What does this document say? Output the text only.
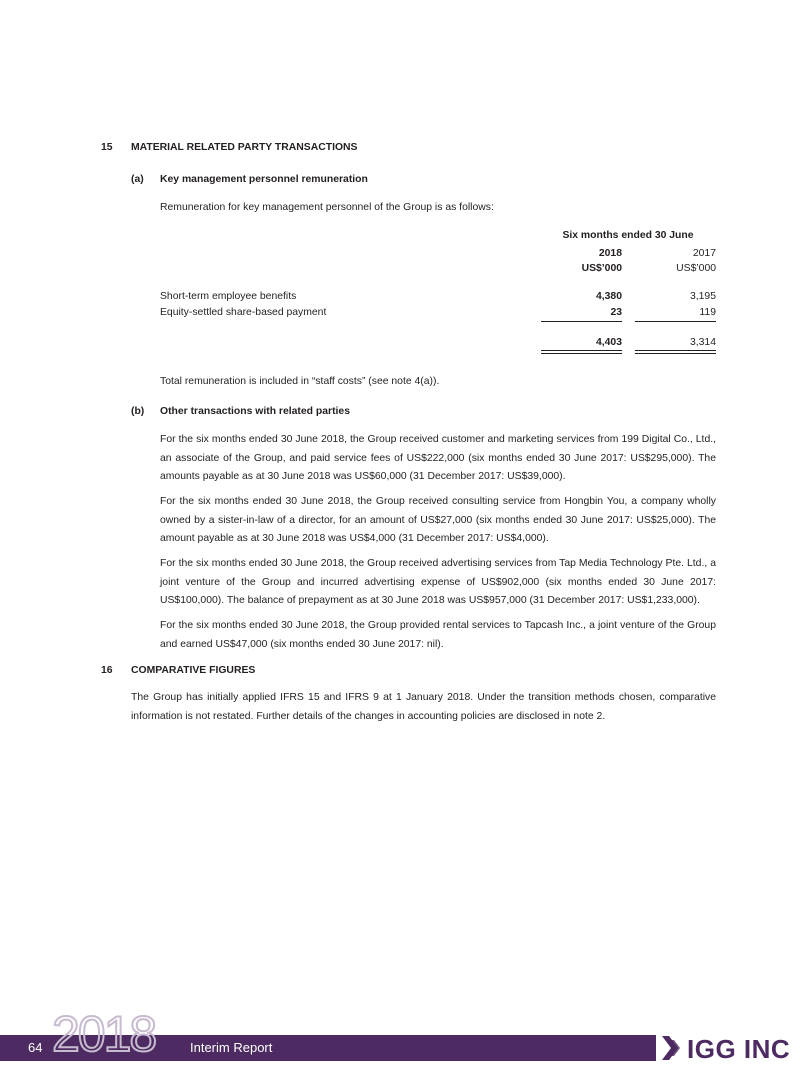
15 MATERIAL RELATED PARTY TRANSACTIONS
(a) Key management personnel remuneration
Remuneration for key management personnel of the Group is as follows:
Six months ended 30 June
2018	2017
US$’000	US$’000
Short-term employee benefits	4,380	3,195
Equity-settled share-based payment	23	119
4,403	3,314
Total remuneration is included in “staff costs” (see note 4(a)).
(b) Other transactions with related parties
For the six months ended 30 June 2018, the Group received customer and marketing services from 199 Digital Co., Ltd., an associate of the Group, and paid service fees of US$222,000 (six months ended 30 June 2017: US$295,000). The amounts payable as at 30 June 2018 was US$60,000 (31 December 2017: US$39,000).
For the six months ended 30 June 2018, the Group received consulting service from Hongbin You, a company wholly owned by a sister-in-law of a director, for an amount of US$27,000 (six months ended 30 June 2017: US$25,000). The amount payable as at 30 June 2018 was US$4,000 (31 December 2017: US$4,000).
For the six months ended 30 June 2018, the Group received advertising services from Tap Media Technology Pte. Ltd., a joint venture of the Group and incurred advertising expense of US$902,000 (six months ended 30 June 2017: US$100,000). The balance of prepayment as at 30 June 2018 was US$957,000 (31 December 2017: US$1,233,000).
For the six months ended 30 June 2018, the Group provided rental services to Tapcash Inc., a joint venture of the Group and earned US$47,000 (six months ended 30 June 2017: nil).
16 COMPARATIVE FIGURES
The Group has initially applied IFRS 15 and IFRS 9 at 1 January 2018. Under the transition methods chosen, comparative information is not restated. Further details of the changes in accounting policies are disclosed in note 2.
2018
64	Interim Report	IGG INC
